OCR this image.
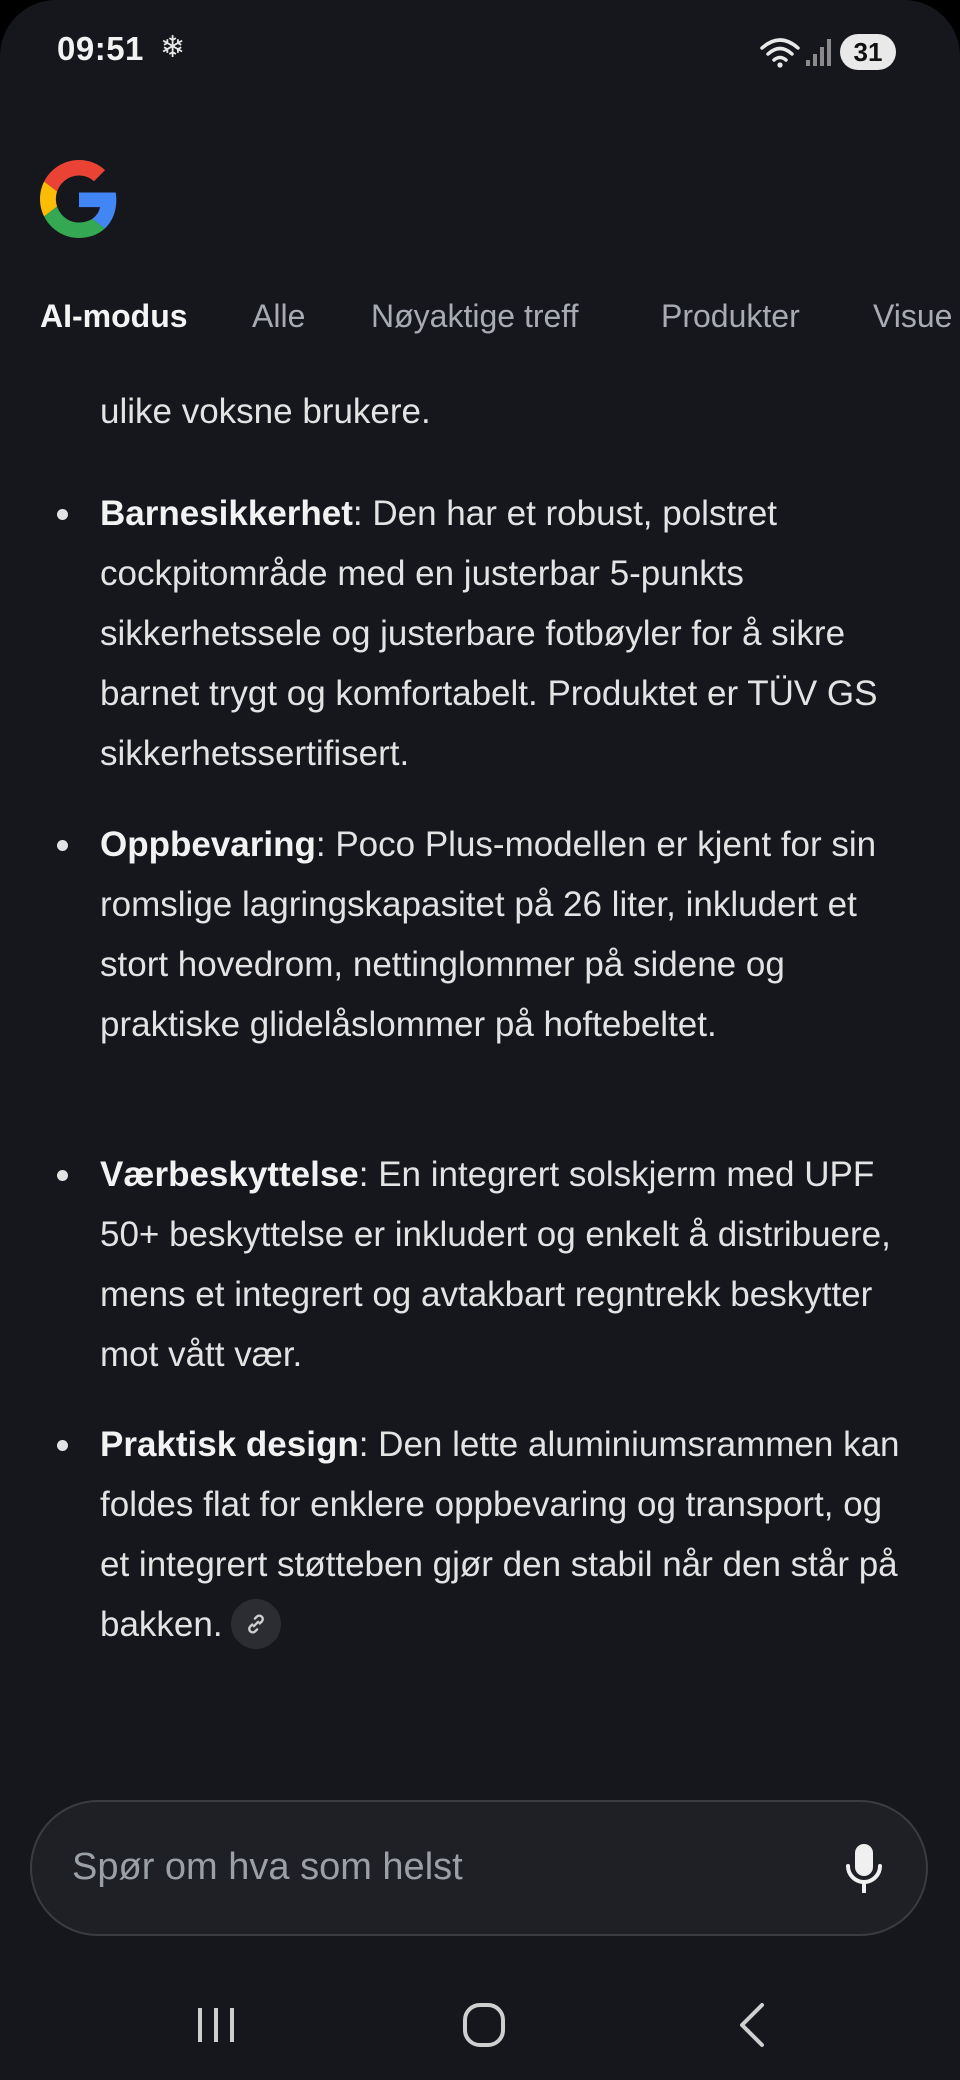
09:51 ❄	31
AI-modus Alle Nøyaktige treff	Produkter Visue
ulike voksne brukere.
Barnesikkerhet: Den har et robust, polstret cockpitområde med en justerbar 5-punkts sikkerhetssele og justerbare fotbøyler for å sikre barnet trygt og komfortabelt. Produktet er TÜV GS sikkerhetssertifisert.
Oppbevaring: Poco Plus-modellen er kjent for sin romslige lagringskapasitet på 26 liter, inkludert et stort hovedrom, nettinglommer på sidene og praktiske glidelåslommer på hoftebeltet.
Værbeskyttelse: En integrert solskjerm med UPF 50+ beskyttelse er inkludert og enkelt å distribuere, mens et integrert og avtakbart regntrekk beskytter mot vått vær.
Praktisk design: Den lette aluminiumsrammen kan foldes flat for enklere oppbevaring og transport, og et integrert støtteben gjør den stabil når den står på bakken.
Spør om hva som helst
